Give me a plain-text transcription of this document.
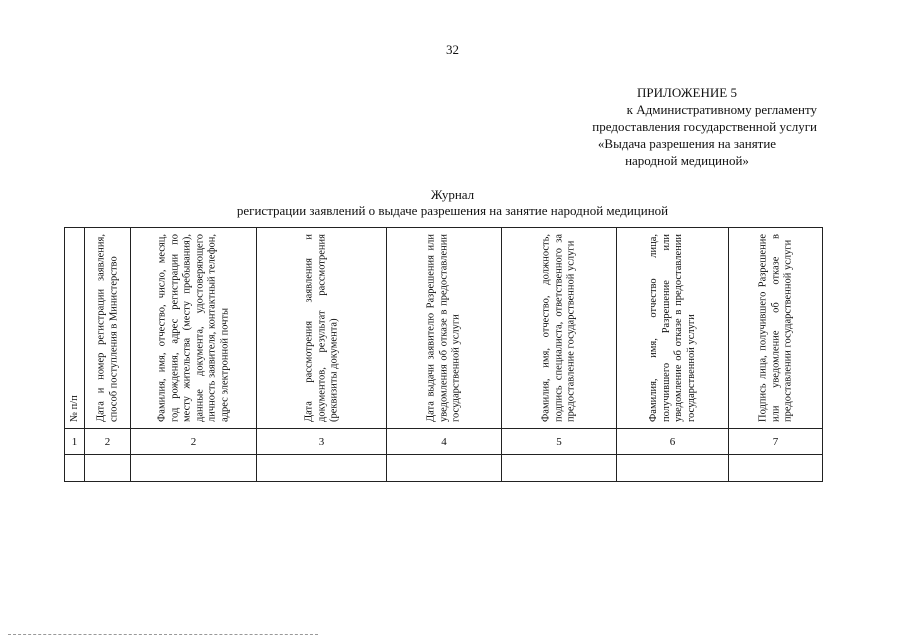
32
ПРИЛОЖЕНИЕ 5
к Административному регламенту
предоставления государственной услуги
«Выдача разрешения на занятие
народной медициной»
Журнал
регистрации заявлений о выдаче разрешения на занятие народной медициной
№ п/п	Дата и номер регистрации заявления, способ поступления в Министерство	Фамилия, имя, отчество, число, месяц, год рождения, адрес регистрации по месту жительства (месту пребывания), данные документа, удостоверяющего личность заявителя, контактный телефон, адрес электронной почты	Дата рассмотрения заявления и документов, результат рассмотрения (реквизиты документа)	Дата выдачи заявителю Разрешения или уведомления об отказе в предоставлении государственной услуги	Фамилия, имя, отчество, должность, подпись специалиста, ответственного за предоставление государственной услуги	Фамилия, имя, отчество лица, получившего Разрешение или уведомление об отказе в предоставлении государственной услуги	Подпись лица, получившего Разрешение или уведомление об отказе в предоставлении государственной услуги

1	2	2	3	4	5	6	7
